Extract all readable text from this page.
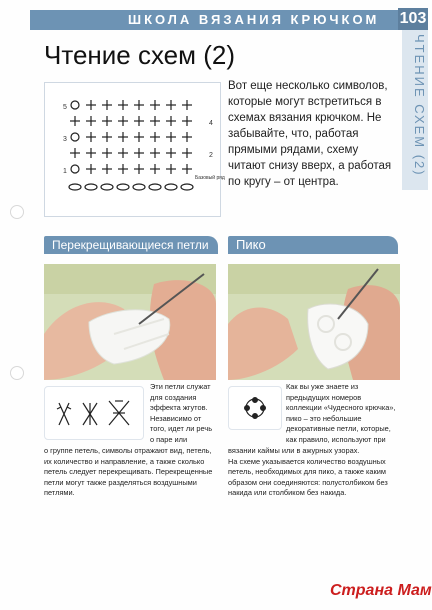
ШКОЛА ВЯЗАНИЯ КРЮЧКОМ 103
ЧТЕНИЕ СХЕМ (2)
Чтение схем (2)
5
4
3
2
1
Базовый ряд
Вот еще несколько символов, которые могут встретиться в схемах вязания крючком. Не забывайте, что, работая прямыми рядами, схему читают снизу вверх, а работая по кругу – от центра.
Перекрещивающиеся петли
Эти петли служат
для создания
эффекта жгутов.
Независимо от
того, идет ли речь
о паре или
о группе петель, символы отражают вид, петель,
их количество и направление, а также сколько
петель следует перекрещивать. Перекрещенные
петли могут также разделяться воздушными
петлями.
Пико
Как вы уже знаете из
предыдущих номеров
коллекции «Чудесного крючка»,
пико – это небольшие
декоративные петли, которые,
как правило, используют при
вязании каймы или в ажурных узорах.
На схеме указывается количество воздушных
петель, необходимых для пико, а также каким
образом они соединяются: полустолбиком без
накида или столбиком без накида.
Страна Мам
